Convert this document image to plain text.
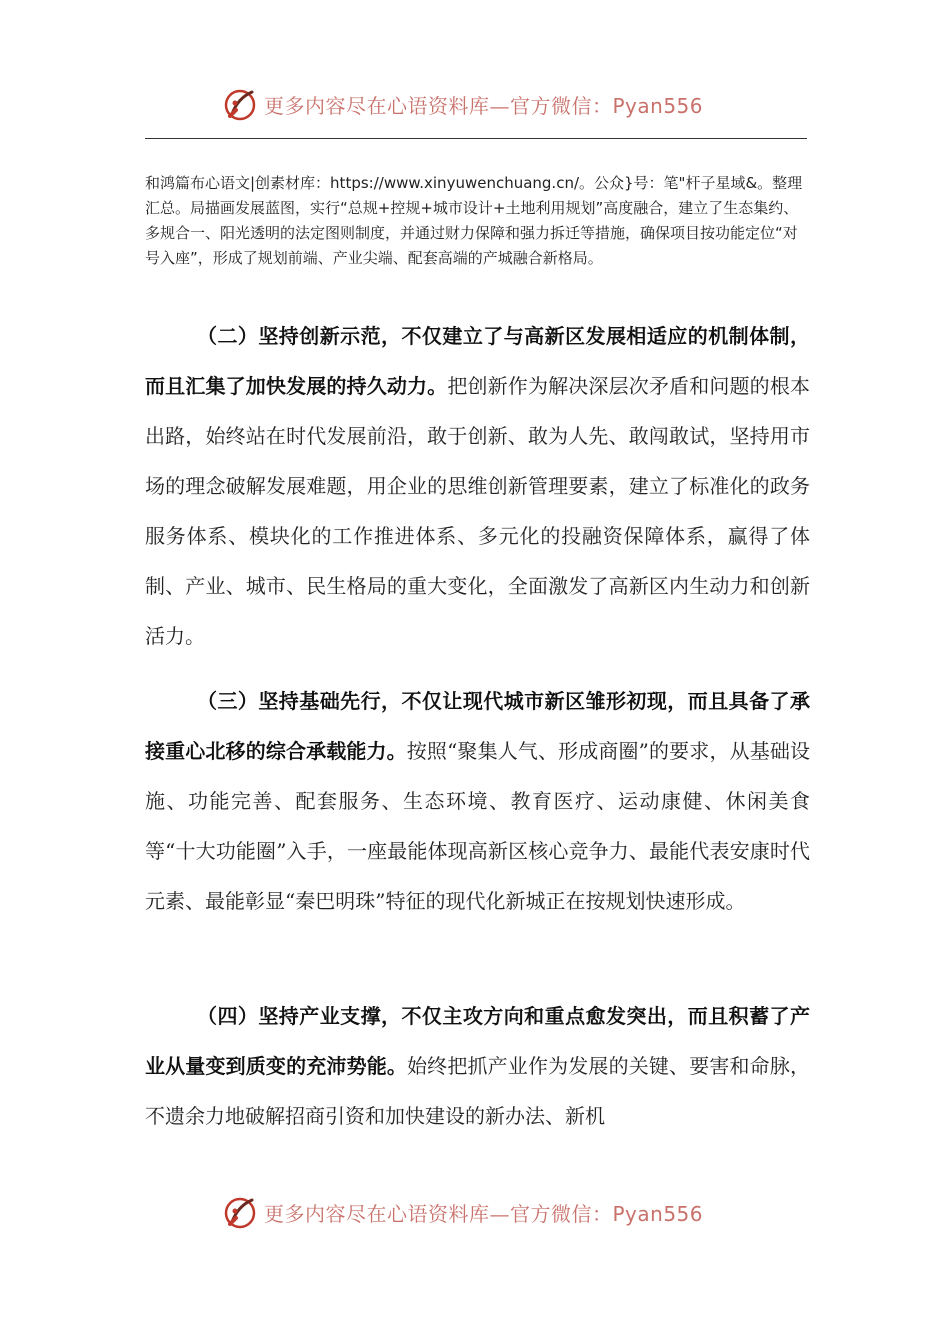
更多内容尽在心语资料库—官方微信：Pyan556

和鸿篇布心语文|创素材库：https://www.xinyuwenchuang.cn/。公众}号：笔"杆子星域&。整理汇总。局描画发展蓝图，实行“总规+控规+城市设计+土地利用规划”高度融合，建立了生态集约、多规合一、阳光透明的法定图则制度，并通过财力保障和强力拆迁等措施，确保项目按功能定位“对号入座”，形成了规划前端、产业尖端、配套高端的产城融合新格局。

（二）坚持创新示范，不仅建立了与高新区发展相适应的机制体制，而且汇集了加快发展的持久动力。把创新作为解决深层次矛盾和问题的根本出路，始终站在时代发展前沿，敢于创新、敢为人先、敢闯敢试，坚持用市场的理念破解发展难题，用企业的思维创新管理要素，建立了标准化的政务服务体系、模块化的工作推进体系、多元化的投融资保障体系，赢得了体制、产业、城市、民生格局的重大变化，全面激发了高新区内生动力和创新活力。

（三）坚持基础先行，不仅让现代城市新区雏形初现，而且具备了承接重心北移的综合承载能力。按照“聚集人气、形成商圈”的要求，从基础设施、功能完善、配套服务、生态环境、教育医疗、运动康健、休闲美食等“十大功能圈”入手，一座最能体现高新区核心竞争力、最能代表安康时代元素、最能彰显“秦巴明珠”特征的现代化新城正在按规划快速形成。

（四）坚持产业支撑，不仅主攻方向和重点愈发突出，而且积蓄了产业从量变到质变的充沛势能。始终把抓产业作为发展的关键、要害和命脉，不遗余力地破解招商引资和加快建设的新办法、新机

更多内容尽在心语资料库—官方微信：Pyan556
